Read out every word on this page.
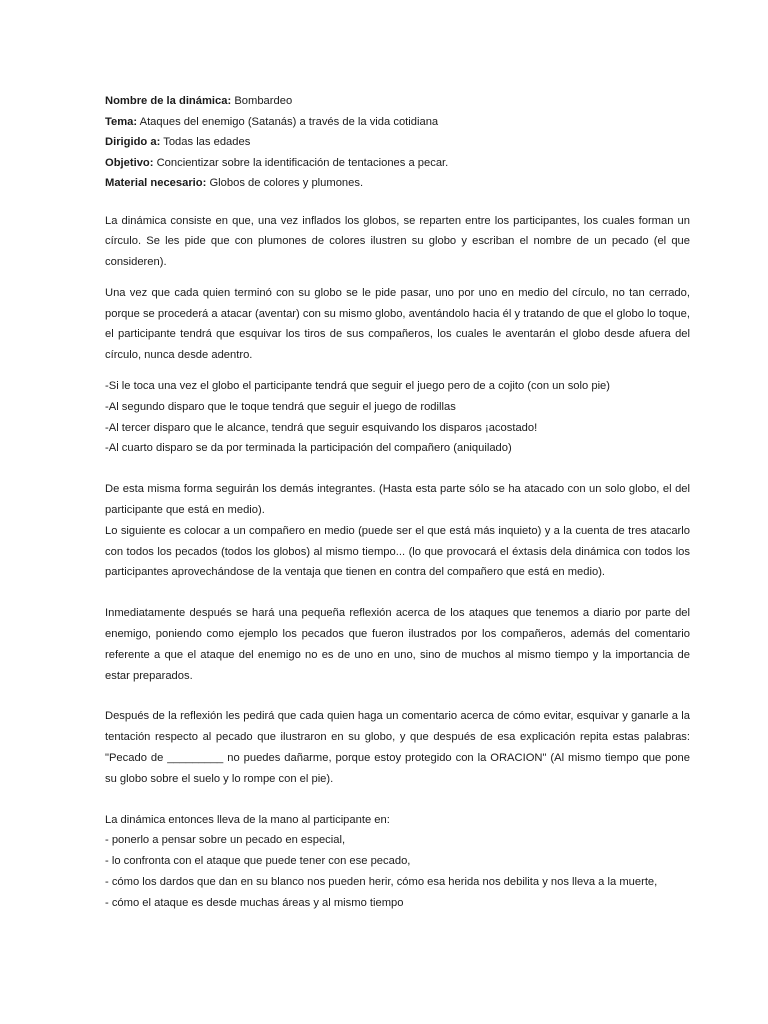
Nombre de la dinámica: Bombardeo
Tema: Ataques del enemigo (Satanás) a través de la vida cotidiana
Dirigido a: Todas las edades
Objetivo: Concientizar sobre la identificación de tentaciones a pecar.
Material necesario: Globos de colores y plumones.

La dinámica consiste en que, una vez inflados los globos, se reparten entre los participantes, los cuales forman un círculo. Se les pide que con plumones de colores ilustren su globo y escriban el nombre de un pecado (el que consideren).

Una vez que cada quien terminó con su globo se le pide pasar, uno por uno en medio del círculo, no tan cerrado, porque se procederá a atacar (aventar) con su mismo globo, aventándolo hacia él y tratando de que el globo lo toque, el participante tendrá que esquivar los tiros de sus compañeros, los cuales le aventarán el globo desde afuera del círculo, nunca desde adentro.

-Si le toca una vez el globo el participante tendrá que seguir el juego pero de a cojito (con un solo pie)

-Al segundo disparo que le toque tendrá que seguir el juego de rodillas

-Al tercer disparo que le alcance, tendrá que seguir esquivando los disparos ¡acostado!

-Al cuarto disparo se da por terminada la participación del compañero (aniquilado)

De esta misma forma seguirán los demás integrantes. (Hasta esta parte sólo se ha atacado con un solo globo, el del participante que está en medio).

Lo siguiente es colocar a un compañero en medio (puede ser el que está más inquieto) y a la cuenta de tres atacarlo con todos los pecados (todos los globos) al mismo tiempo... (lo que provocará el éxtasis dela dinámica con todos los participantes aprovechándose de la ventaja que tienen en contra del compañero que está en medio).

Inmediatamente después se hará una pequeña reflexión acerca de los ataques que tenemos a diario por parte del enemigo, poniendo como ejemplo los pecados que fueron ilustrados por los compañeros, además del comentario referente a que el ataque del enemigo no es de uno en uno, sino de muchos al mismo tiempo y la importancia de estar preparados.

Después de la reflexión les pedirá que cada quien haga un comentario acerca de cómo evitar, esquivar y ganarle a la tentación respecto al pecado que ilustraron en su globo, y que después de esa explicación repita estas palabras: "Pecado de _________ no puedes dañarme, porque estoy protegido con la ORACION" (Al mismo tiempo que pone su globo sobre el suelo y lo rompe con el pie).

La dinámica entonces lleva de la mano al participante en:

- ponerlo a pensar sobre un pecado en especial,

- lo confronta con el ataque que puede tener con ese pecado,

- cómo los dardos que dan en su blanco nos pueden herir, cómo esa herida nos debilita y nos lleva a la muerte,

- cómo el ataque es desde muchas áreas y al mismo tiempo
